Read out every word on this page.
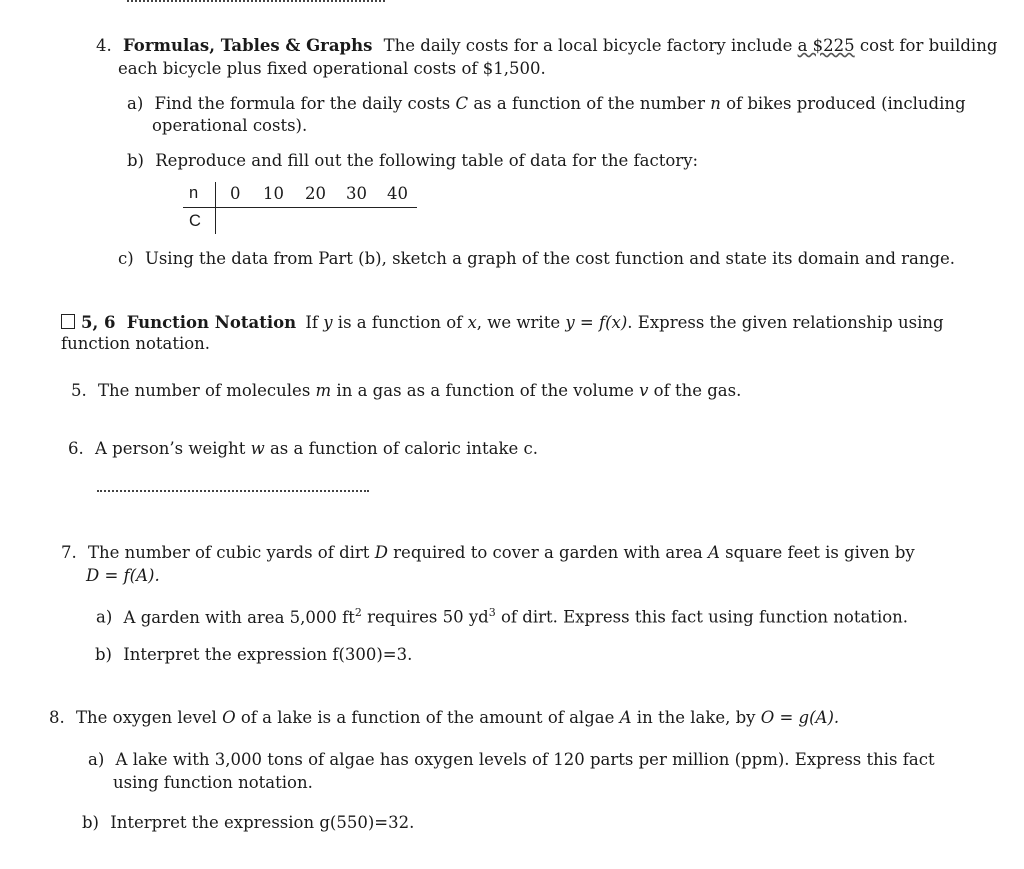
4. Formulas, Tables & Graphs The daily costs for a local bicycle factory include a $225 cost for building
each bicycle plus fixed operational costs of $1,500.
a) Find the formula for the daily costs C as a function of the number n of bikes produced (including
operational costs).
b) Reproduce and fill out the following table of data for the factory:
n
C
0 10 20 30 40
c) Using the data from Part (b), sketch a graph of the cost function and state its domain and range.
5, 6 Function Notation If y is a function of x, we write y = f(x). Express the given relationship using
function notation.
5. The number of molecules m in a gas as a function of the volume v of the gas.
6. A person’s weight w as a function of caloric intake c.
7. The number of cubic yards of dirt D required to cover a garden with area A square feet is given by
D = f(A).
a) A garden with area 5,000 $ft^2$ requires 50 $yd^3$ of dirt. Express this fact using function notation.
b) Interpret the expression f(300)=3.
8. The oxygen level O of a lake is a function of the amount of algae A in the lake, by O = g(A).
a) A lake with 3,000 tons of algae has oxygen levels of 120 parts per million (ppm). Express this fact
using function notation.
b) Interpret the expression g(550)=32.
